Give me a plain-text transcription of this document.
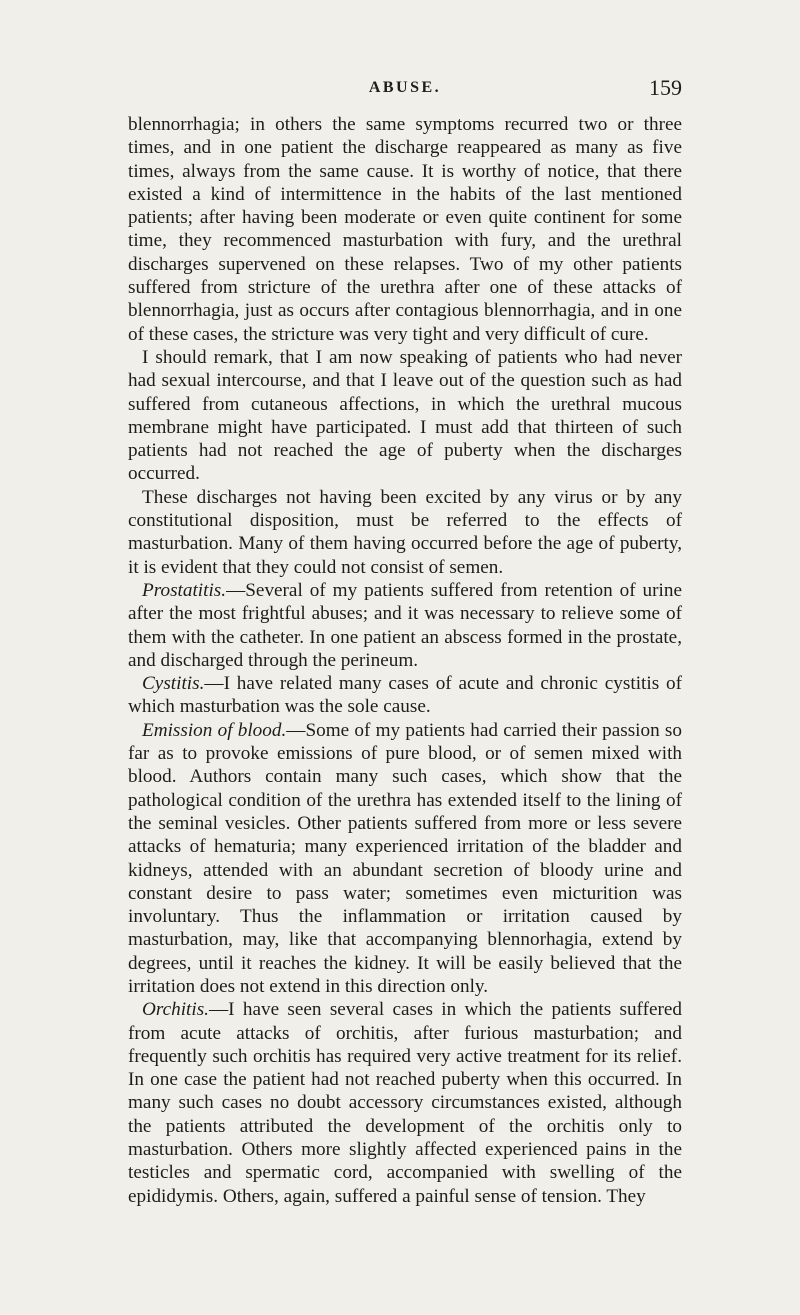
ABUSE.	159

blennorrhagia; in others the same symptoms recurred two or three times, and in one patient the discharge reappeared as many as five times, always from the same cause. It is worthy of notice, that there existed a kind of intermittence in the habits of the last mentioned patients; after having been moderate or even quite continent for some time, they recommenced masturbation with fury, and the urethral discharges supervened on these relapses. Two of my other patients suffered from stricture of the urethra after one of these attacks of blennorrhagia, just as occurs after contagious blennorrhagia, and in one of these cases, the stricture was very tight and very difficult of cure.

I should remark, that I am now speaking of patients who had never had sexual intercourse, and that I leave out of the question such as had suffered from cutaneous affections, in which the urethral mucous membrane might have participated. I must add that thirteen of such patients had not reached the age of puberty when the discharges occurred.

These discharges not having been excited by any virus or by any constitutional disposition, must be referred to the effects of masturbation. Many of them having occurred before the age of puberty, it is evident that they could not consist of semen.

Prostatitis.—Several of my patients suffered from retention of urine after the most frightful abuses; and it was necessary to relieve some of them with the catheter. In one patient an abscess formed in the prostate, and discharged through the perineum.

Cystitis.—I have related many cases of acute and chronic cystitis of which masturbation was the sole cause.

Emission of blood.—Some of my patients had carried their passion so far as to provoke emissions of pure blood, or of semen mixed with blood. Authors contain many such cases, which show that the pathological condition of the urethra has extended itself to the lining of the seminal vesicles. Other patients suffered from more or less severe attacks of hematuria; many experienced irritation of the bladder and kidneys, attended with an abundant secretion of bloody urine and constant desire to pass water; sometimes even micturition was involuntary. Thus the inflammation or irritation caused by masturbation, may, like that accompanying blennorhagia, extend by degrees, until it reaches the kidney. It will be easily believed that the irritation does not extend in this direction only.

Orchitis.—I have seen several cases in which the patients suffered from acute attacks of orchitis, after furious masturbation; and frequently such orchitis has required very active treatment for its relief. In one case the patient had not reached puberty when this occurred. In many such cases no doubt accessory circumstances existed, although the patients attributed the development of the orchitis only to masturbation. Others more slightly affected experienced pains in the testicles and spermatic cord, accompanied with swelling of the epididymis. Others, again, suffered a painful sense of tension. They
